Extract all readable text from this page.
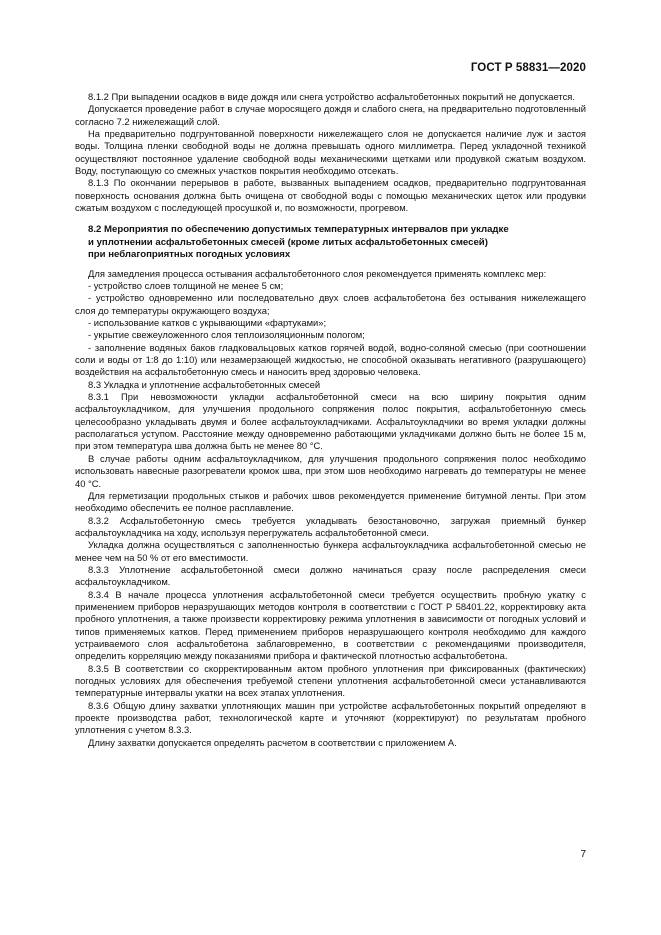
ГОСТ Р 58831—2020

8.1.2 При выпадении осадков в виде дождя или снега устройство асфальтобетонных покрытий не допускается.

Допускается проведение работ в случае моросящего дождя и слабого снега, на предварительно подготовленный согласно 7.2 нижележащий слой.

На предварительно подгрунтованной поверхности нижележащего слоя не допускается наличие луж и застоя воды. Толщина пленки свободной воды не должна превышать одного миллиметра. Перед укладочной техникой осуществляют постоянное удаление свободной воды механическими щетками или продувкой сжатым воздухом. Воду, поступающую со смежных участков покрытия необходимо отсекать.

8.1.3 По окончании перерывов в работе, вызванных выпадением осадков, предварительно подгрунтованная поверхность основания должна быть очищена от свободной воды с помощью механических щеток или продувки сжатым воздухом с последующей просушкой и, по возможности, прогревом.

8.2 Мероприятия по обеспечению допустимых температурных интервалов при укладке
и уплотнении асфальтобетонных смесей (кроме литых асфальтобетонных смесей)
при неблагоприятных погодных условиях

Для замедления процесса остывания асфальтобетонного слоя рекомендуется применять комплекс мер:

- устройство слоев толщиной не менее 5 см;

- устройство одновременно или последовательно двух слоев асфальтобетона без остывания нижележащего слоя до температуры окружающего воздуха;

- использование катков с укрывающими «фартуками»;

- укрытие свежеуложенного слоя теплоизоляционным пологом;

- заполнение водяных баков гладковальцовых катков горячей водой, водно-соляной смесью (при соотношении соли и воды от 1:8 до 1:10) или незамерзающей жидкостью, не способной оказывать негативного (разрушающего) воздействия на асфальтобетонную смесь и наносить вред здоровью человека.

8.3 Укладка и уплотнение асфальтобетонных смесей

8.3.1 При невозможности укладки асфальтобетонной смеси на всю ширину покрытия одним асфальтоукладчиком, для улучшения продольного сопряжения полос покрытия, асфальтобетонную смесь целесообразно укладывать двумя и более асфальтоукладчиками. Асфальтоукладчики во время укладки должны располагаться уступом. Расстояние между одновременно работающими укладчиками должно быть не более 15 м, при этом температура шва должна быть не менее 80 °C.

В случае работы одним асфальтоукладчиком, для улучшения продольного сопряжения полос необходимо использовать навесные разогреватели кромок шва, при этом шов необходимо нагревать до температуры не менее 40 °C.

Для герметизации продольных стыков и рабочих швов рекомендуется применение битумной ленты. При этом необходимо обеспечить ее полное расплавление.

8.3.2 Асфальтобетонную смесь требуется укладывать безостановочно, загружая приемный бункер асфальтоукладчика на ходу, используя перегружатель асфальтобетонной смеси.

Укладка должна осуществляться с заполненностью бункера асфальтоукладчика асфальтобетонной смесью не менее чем на 50 % от его вместимости.

8.3.3 Уплотнение асфальтобетонной смеси должно начинаться сразу после распределения смеси асфальтоукладчиком.

8.3.4 В начале процесса уплотнения асфальтобетонной смеси требуется осуществить пробную укатку с применением приборов неразрушающих методов контроля в соответствии с ГОСТ Р 58401.22, корректировку акта пробного уплотнения, а также произвести корректировку режима уплотнения в зависимости от погодных условий и типов применяемых катков. Перед применением приборов неразрушающего контроля необходимо для каждого устраиваемого слоя асфальтобетона заблаговременно, в соответствии с рекомендациями производителя, определить корреляцию между показаниями прибора и фактической плотностью асфальтобетона.

8.3.5 В соответствии со скорректированным актом пробного уплотнения при фиксированных (фактических) погодных условиях для обеспечения требуемой степени уплотнения асфальтобетонной смеси устанавливаются температурные интервалы укатки на всех этапах уплотнения.

8.3.6 Общую длину захватки уплотняющих машин при устройстве асфальтобетонных покрытий определяют в проекте производства работ, технологической карте и уточняют (корректируют) по результатам пробного уплотнения с учетом 8.3.3.

Длину захватки допускается определять расчетом в соответствии с приложением А.

7
